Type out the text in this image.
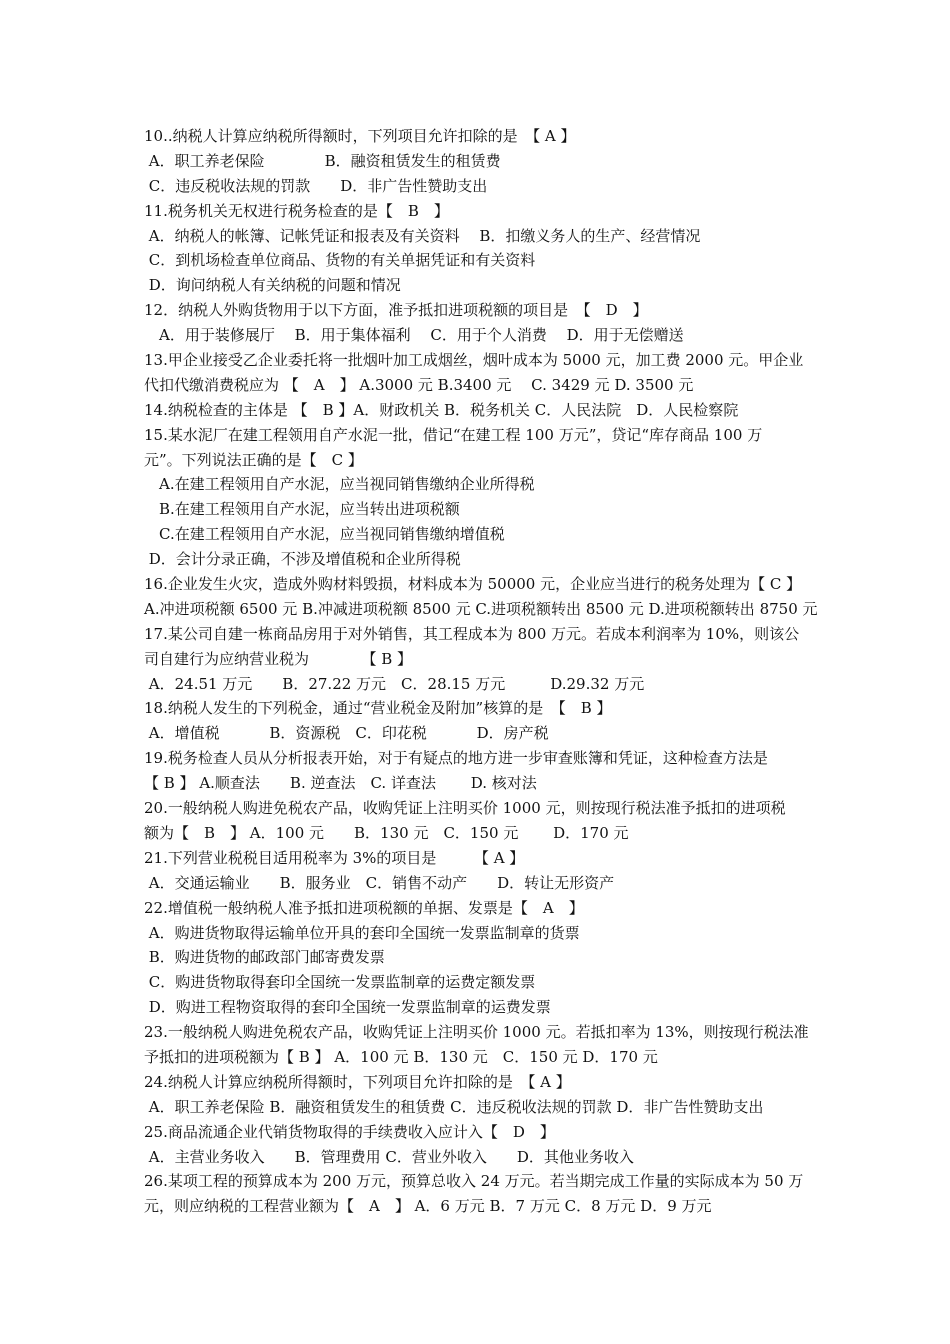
10..纳税人计算应纳税所得额时，下列项目允许扣除的是　【 A 】
A．职工养老保险　　　　B．融资租赁发生的租赁费
C．违反税收法规的罚款　　D．非广告性赞助支出
11.税务机关无权进行税务检查的是【　B　】
A．纳税人的帐簿、记帐凭证和报表及有关资料　 B．扣缴义务人的生产、经营情况
C．到机场检查单位商品、货物的有关单据凭证和有关资料
D．询问纳税人有关纳税的问题和情况
12．纳税人外购货物用于以下方面，准予抵扣进项税额的项目是　【　D　】
　A．用于装修展厅　 B．用于集体福利　 C．用于个人消费　 D．用于无偿赠送
13.甲企业接受乙企业委托将一批烟叶加工成烟丝，烟叶成本为 5000 元，加工费 2000 元。甲企业
代扣代缴消费税应为 【　A　】 A.3000 元 B.3400 元　 C. 3429 元 D. 3500 元
14.纳税检查的主体是 【　B 】A．财政机关 B．税务机关 C．人民法院　D．人民检察院
15.某水泥厂在建工程领用自产水泥一批，借记“在建工程 100 万元”，贷记“库存商品 100 万
元”。下列说法正确的是【　C 】
　A.在建工程领用自产水泥，应当视同销售缴纳企业所得税
　B.在建工程领用自产水泥，应当转出进项税额
　C.在建工程领用自产水泥，应当视同销售缴纳增值税
D．会计分录正确，不涉及增值税和企业所得税
16.企业发生火灾，造成外购材料毁损，材料成本为 50000 元，企业应当进行的税务处理为【 C 】
A.冲进项税额 6500 元 B.冲减进项税额 8500 元 C.进项税额转出 8500 元 D.进项税额转出 8750 元
17.某公司自建一栋商品房用于对外销售，其工程成本为 800 万元。若成本利润率为 10%，则该公
司自建行为应纳营业税为　　　　【 B 】
A．24.51 万元　　B．27.22 万元　C．28.15 万元　　　D.29.32 万元
18.纳税人发生的下列税金，通过“营业税金及附加”核算的是　【　B 】
A．增值税　　　 B．资源税　C．印花税　　　 D．房产税
19.税务检查人员从分析报表开始，对于有疑点的地方进一步审查账簿和凭证，这种检查方法是
【 B 】 A.顺查法　　B. 逆查法　C. 详查法　　 D. 核对法
20.一般纳税人购进免税农产品，收购凭证上注明买价 1000 元，则按现行税法准予抵扣的进项税
额为【　B　】 A．100 元　　B．130 元　C．150 元　　 D．170 元
21.下列营业税税目适用税率为 3%的项目是　　　【 A 】
A．交通运输业　　B．服务业　C．销售不动产　　D．转让无形资产
22.增值税一般纳税人准予抵扣进项税额的单据、发票是【　A　】
A．购进货物取得运输单位开具的套印全国统一发票监制章的货票
B．购进货物的邮政部门邮寄费发票
C．购进货物取得套印全国统一发票监制章的运费定额发票
D．购进工程物资取得的套印全国统一发票监制章的运费发票
23.一般纳税人购进免税农产品，收购凭证上注明买价 1000 元。若抵扣率为 13%，则按现行税法准
予抵扣的进项税额为【 B 】 A．100 元 B．130 元　C．150 元 D．170 元
24.纳税人计算应纳税所得额时，下列项目允许扣除的是　【 A 】
A．职工养老保险 B．融资租赁发生的租赁费 C．违反税收法规的罚款 D．非广告性赞助支出
25.商品流通企业代销货物取得的手续费收入应计入【　D　】
A．主营业务收入　　B．管理费用 C．营业外收入　　D．其他业务收入
26.某项工程的预算成本为 200 万元，预算总收入 24 万元。若当期完成工作量的实际成本为 50 万
元，则应纳税的工程营业额为【　A　】 A．6 万元 B．7 万元 C．8 万元 D．9 万元
